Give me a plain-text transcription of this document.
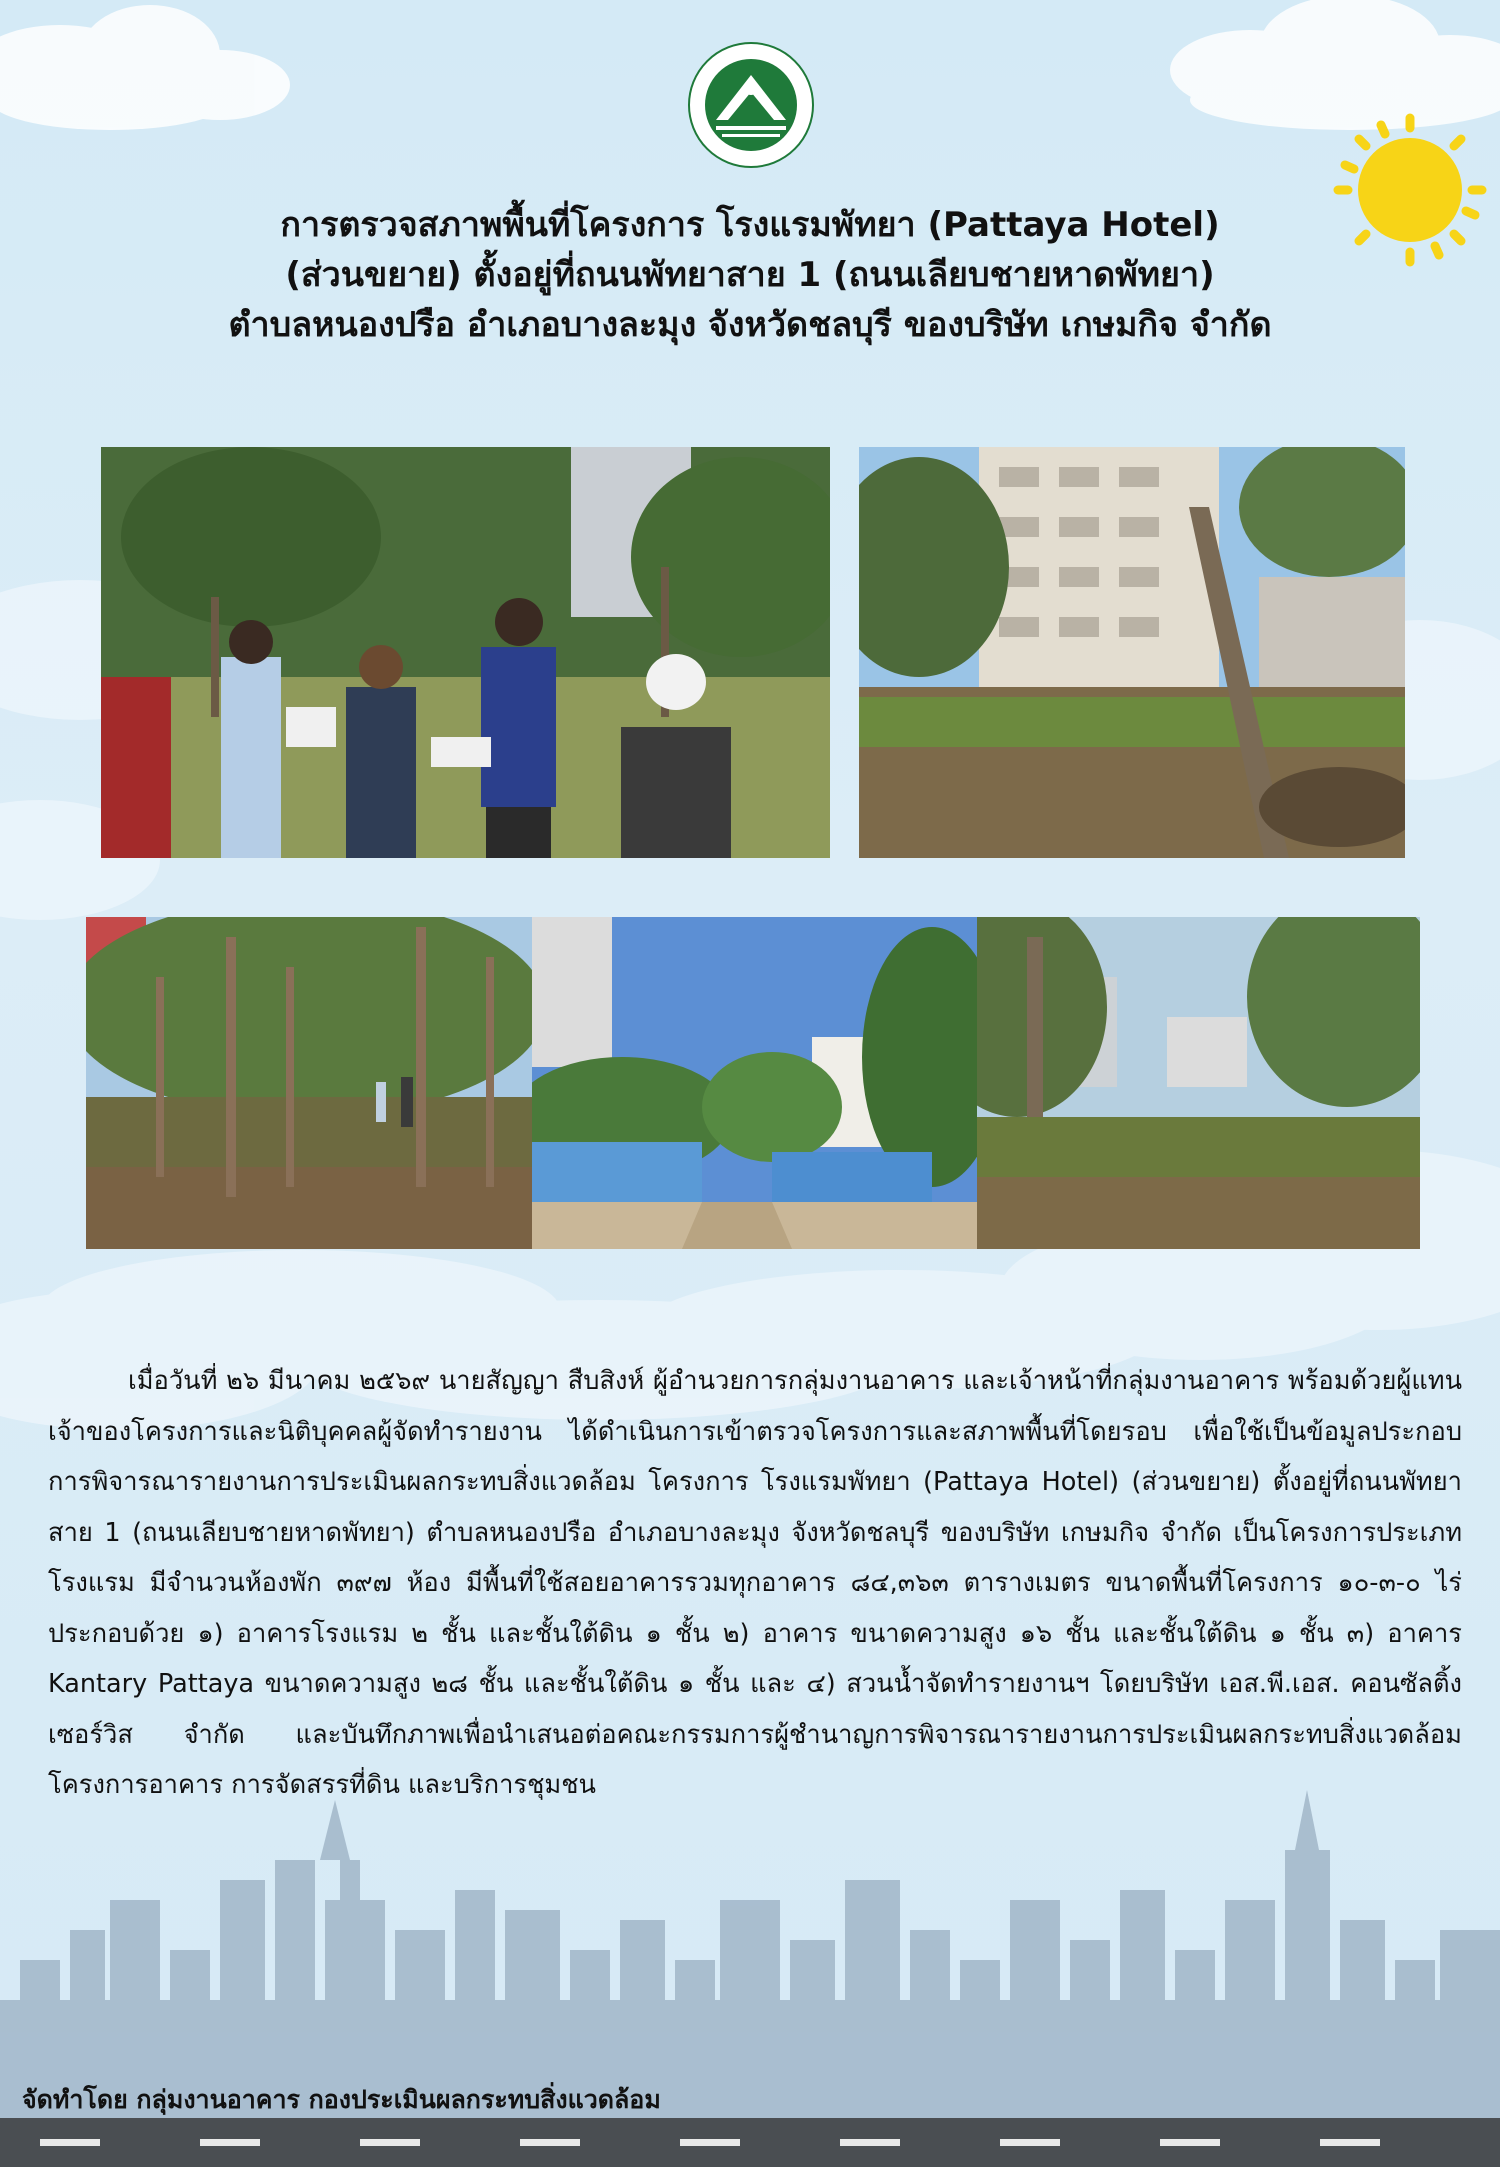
การตรวจสภาพพื้นที่โครงการ โรงแรมพัทยา (Pattaya Hotel)
(ส่วนขยาย) ตั้งอยู่ที่ถนนพัทยาสาย 1 (ถนนเลียบชายหาดพัทยา)
ตำบลหนองปรือ อำเภอบางละมุง จังหวัดชลบุรี ของบริษัท เกษมกิจ จำกัด
เมื่อวันที่ ๒๖ มีนาคม ๒๕๖๙ นายสัญญา สืบสิงห์ ผู้อำนวยการกลุ่มงานอาคาร และเจ้าหน้าที่กลุ่มงานอาคาร พร้อมด้วยผู้แทนเจ้าของโครงการและนิติบุคคลผู้จัดทำรายงาน ได้ดำเนินการเข้าตรวจโครงการและสภาพพื้นที่โดยรอบ เพื่อใช้เป็นข้อมูลประกอบการพิจารณารายงานการประเมินผลกระทบสิ่งแวดล้อม โครงการ โรงแรมพัทยา (Pattaya Hotel) (ส่วนขยาย) ตั้งอยู่ที่ถนนพัทยาสาย 1 (ถนนเลียบชายหาดพัทยา) ตำบลหนองปรือ อำเภอบางละมุง จังหวัดชลบุรี ของบริษัท เกษมกิจ จำกัด เป็นโครงการประเภทโรงแรม มีจำนวนห้องพัก ๓๙๗ ห้อง มีพื้นที่ใช้สอยอาคารรวมทุกอาคาร ๘๔,๓๖๓ ตารางเมตร ขนาดพื้นที่โครงการ ๑๐-๓-๐ ไร่ ประกอบด้วย ๑) อาคารโรงแรม ๒ ชั้น และชั้นใต้ดิน ๑ ชั้น ๒) อาคาร ขนาดความสูง ๑๖ ชั้น และชั้นใต้ดิน ๑ ชั้น ๓) อาคาร Kantary Pattaya ขนาดความสูง ๒๘ ชั้น และชั้นใต้ดิน ๑ ชั้น และ ๔) สวนน้ำจัดทำรายงานฯ โดยบริษัท เอส.พี.เอส. คอนซัลติ้ง เซอร์วิส จำกัด และบันทึกภาพเพื่อนำเสนอต่อคณะกรรมการผู้ชำนาญการพิจารณารายงานการประเมินผลกระทบสิ่งแวดล้อม โครงการอาคาร การจัดสรรที่ดิน และบริการชุมชน
จัดทำโดย กลุ่มงานอาคาร กองประเมินผลกระทบสิ่งแวดล้อม
